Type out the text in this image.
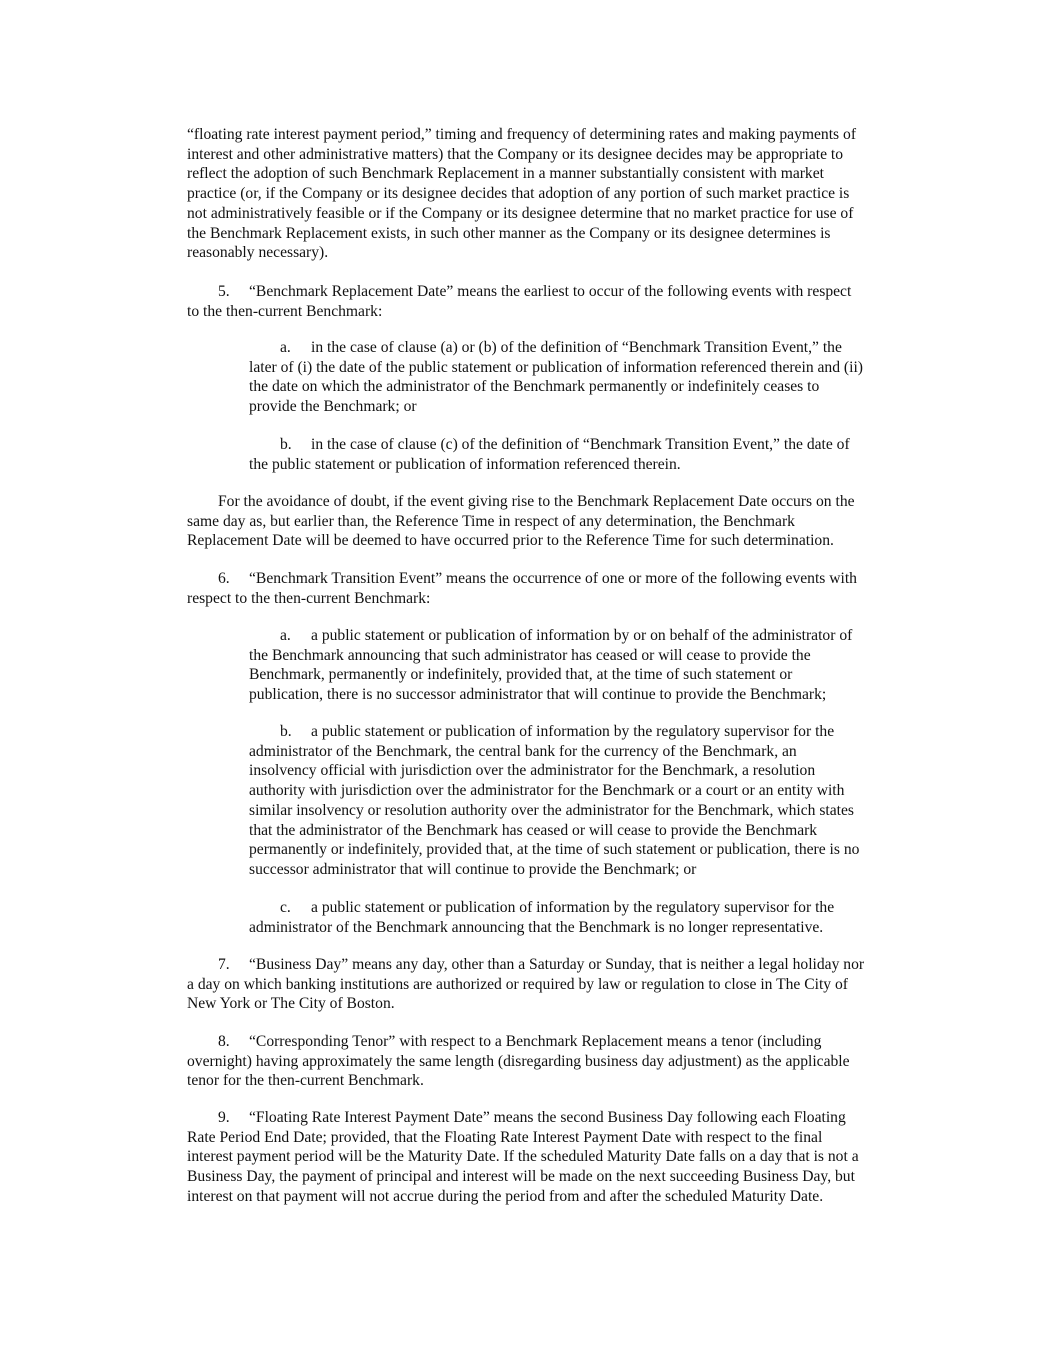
“floating rate interest payment period,” timing and frequency of determining rates and making payments of
interest and other administrative matters) that the Company or its designee decides may be appropriate to
reflect the adoption of such Benchmark Replacement in a manner substantially consistent with market
practice (or, if the Company or its designee decides that adoption of any portion of such market practice is
not administratively feasible or if the Company or its designee determine that no market practice for use of
the Benchmark Replacement exists, in such other manner as the Company or its designee determines is
reasonably necessary).

5. “Benchmark Replacement Date” means the earliest to occur of the following events with respect
to the then-current Benchmark:

a. in the case of clause (a) or (b) of the definition of “Benchmark Transition Event,” the
later of (i) the date of the public statement or publication of information referenced therein and (ii)
the date on which the administrator of the Benchmark permanently or indefinitely ceases to
provide the Benchmark; or

b. in the case of clause (c) of the definition of “Benchmark Transition Event,” the date of
the public statement or publication of information referenced therein.

For the avoidance of doubt, if the event giving rise to the Benchmark Replacement Date occurs on the
same day as, but earlier than, the Reference Time in respect of any determination, the Benchmark
Replacement Date will be deemed to have occurred prior to the Reference Time for such determination.

6. “Benchmark Transition Event” means the occurrence of one or more of the following events with
respect to the then-current Benchmark:

a. a public statement or publication of information by or on behalf of the administrator of
the Benchmark announcing that such administrator has ceased or will cease to provide the
Benchmark, permanently or indefinitely, provided that, at the time of such statement or
publication, there is no successor administrator that will continue to provide the Benchmark;

b. a public statement or publication of information by the regulatory supervisor for the
administrator of the Benchmark, the central bank for the currency of the Benchmark, an
insolvency official with jurisdiction over the administrator for the Benchmark, a resolution
authority with jurisdiction over the administrator for the Benchmark or a court or an entity with
similar insolvency or resolution authority over the administrator for the Benchmark, which states
that the administrator of the Benchmark has ceased or will cease to provide the Benchmark
permanently or indefinitely, provided that, at the time of such statement or publication, there is no
successor administrator that will continue to provide the Benchmark; or

c. a public statement or publication of information by the regulatory supervisor for the
administrator of the Benchmark announcing that the Benchmark is no longer representative.

7. “Business Day” means any day, other than a Saturday or Sunday, that is neither a legal holiday nor
a day on which banking institutions are authorized or required by law or regulation to close in The City of
New York or The City of Boston.

8. “Corresponding Tenor” with respect to a Benchmark Replacement means a tenor (including
overnight) having approximately the same length (disregarding business day adjustment) as the applicable
tenor for the then-current Benchmark.

9. “Floating Rate Interest Payment Date” means the second Business Day following each Floating
Rate Period End Date; provided, that the Floating Rate Interest Payment Date with respect to the final
interest payment period will be the Maturity Date. If the scheduled Maturity Date falls on a day that is not a
Business Day, the payment of principal and interest will be made on the next succeeding Business Day, but
interest on that payment will not accrue during the period from and after the scheduled Maturity Date.
